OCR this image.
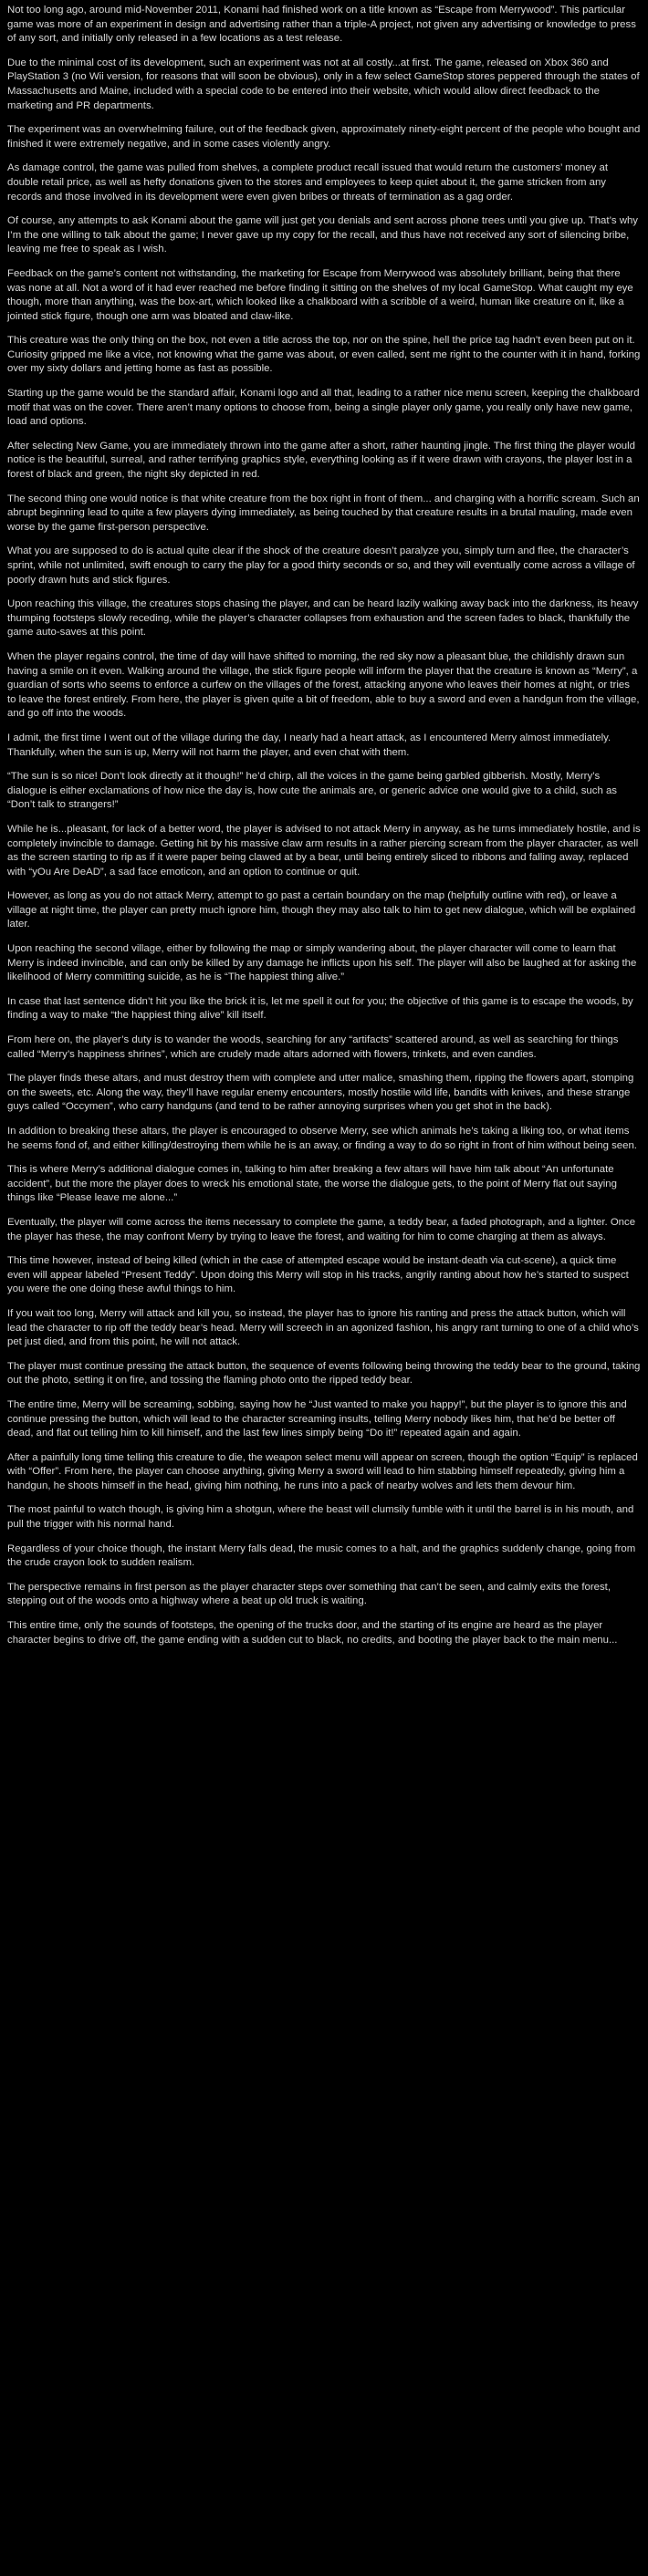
Not too long ago, around mid-November 2011, Konami had finished work on a title known as “Escape from Merrywood”. This particular game was more of an experiment in design and advertising rather than a triple-A project, not given any advertising or knowledge to press of any sort, and initially only released in a few locations as a test release.

Due to the minimal cost of its development, such an experiment was not at all costly...at first. The game, released on Xbox 360 and PlayStation 3 (no Wii version, for reasons that will soon be obvious), only in a few select GameStop stores peppered through the states of Massachusetts and Maine, included with a special code to be entered into their website, which would allow direct feedback to the marketing and PR departments.

The experiment was an overwhelming failure, out of the feedback given, approximately ninety-eight percent of the people who bought and finished it were extremely negative, and in some cases violently angry.

As damage control, the game was pulled from shelves, a complete product recall issued that would return the customers’ money at double retail price, as well as hefty donations given to the stores and employees to keep quiet about it, the game stricken from any records and those involved in its development were even given bribes or threats of termination as a gag order.

Of course, any attempts to ask Konami about the game will just get you denials and sent across phone trees until you give up. That’s why I’m the one willing to talk about the game; I never gave up my copy for the recall, and thus have not received any sort of silencing bribe, leaving me free to speak as I wish.

Feedback on the game’s content not withstanding, the marketing for Escape from Merrywood was absolutely brilliant, being that there was none at all. Not a word of it had ever reached me before finding it sitting on the shelves of my local GameStop. What caught my eye though, more than anything, was the box-art, which looked like a chalkboard with a scribble of a weird, human like creature on it, like a jointed stick figure, though one arm was bloated and claw-like.

This creature was the only thing on the box, not even a title across the top, nor on the spine, hell the price tag hadn’t even been put on it. Curiosity gripped me like a vice, not knowing what the game was about, or even called, sent me right to the counter with it in hand, forking over my sixty dollars and jetting home as fast as possible.

Starting up the game would be the standard affair, Konami logo and all that, leading to a rather nice menu screen, keeping the chalkboard motif that was on the cover. There aren’t many options to choose from, being a single player only game, you really only have new game, load and options.

After selecting New Game, you are immediately thrown into the game after a short, rather haunting jingle. The first thing the player would notice is the beautiful, surreal, and rather terrifying graphics style, everything looking as if it were drawn with crayons, the player lost in a forest of black and green, the night sky depicted in red.

The second thing one would notice is that white creature from the box right in front of them... and charging with a horrific scream. Such an abrupt beginning lead to quite a few players dying immediately, as being touched by that creature results in a brutal mauling, made even worse by the game first-person perspective.

What you are supposed to do is actual quite clear if the shock of the creature doesn’t paralyze you, simply turn and flee, the character’s sprint, while not unlimited, swift enough to carry the play for a good thirty seconds or so, and they will eventually come across a village of poorly drawn huts and stick figures.

Upon reaching this village, the creatures stops chasing the player, and can be heard lazily walking away back into the darkness, its heavy thumping footsteps slowly receding, while the player’s character collapses from exhaustion and the screen fades to black, thankfully the game auto-saves at this point.

When the player regains control, the time of day will have shifted to morning, the red sky now a pleasant blue, the childishly drawn sun having a smile on it even. Walking around the village, the stick figure people will inform the player that the creature is known as “Merry”, a guardian of sorts who seems to enforce a curfew on the villages of the forest, attacking anyone who leaves their homes at night, or tries to leave the forest entirely. From here, the player is given quite a bit of freedom, able to buy a sword and even a handgun from the village, and go off into the woods.

I admit, the first time I went out of the village during the day, I nearly had a heart attack, as I encountered Merry almost immediately. Thankfully, when the sun is up, Merry will not harm the player, and even chat with them.

“The sun is so nice! Don’t look directly at it though!” he’d chirp, all the voices in the game being garbled gibberish. Mostly, Merry’s dialogue is either exclamations of how nice the day is, how cute the animals are, or generic advice one would give to a child, such as “Don’t talk to strangers!”

While he is...pleasant, for lack of a better word, the player is advised to not attack Merry in anyway, as he turns immediately hostile, and is completely invincible to damage. Getting hit by his massive claw arm results in a rather piercing scream from the player character, as well as the screen starting to rip as if it were paper being clawed at by a bear, until being entirely sliced to ribbons and falling away, replaced with “yOu Are DeAD”, a sad face emoticon, and an option to continue or quit.

However, as long as you do not attack Merry, attempt to go past a certain boundary on the map (helpfully outline with red), or leave a village at night time, the player can pretty much ignore him, though they may also talk to him to get new dialogue, which will be explained later.

Upon reaching the second village, either by following the map or simply wandering about, the player character will come to learn that Merry is indeed invincible, and can only be killed by any damage he inflicts upon his self. The player will also be laughed at for asking the likelihood of Merry committing suicide, as he is “The happiest thing alive.”

In case that last sentence didn’t hit you like the brick it is, let me spell it out for you; the objective of this game is to escape the woods, by finding a way to make “the happiest thing alive” kill itself.

From here on, the player’s duty is to wander the woods, searching for any “artifacts” scattered around, as well as searching for things called “Merry’s happiness shrines”, which are crudely made altars adorned with flowers, trinkets, and even candies.

The player finds these altars, and must destroy them with complete and utter malice, smashing them, ripping the flowers apart, stomping on the sweets, etc. Along the way, they’ll have regular enemy encounters, mostly hostile wild life, bandits with knives, and these strange guys called “Occymen”, who carry handguns (and tend to be rather annoying surprises when you get shot in the back).

In addition to breaking these altars, the player is encouraged to observe Merry, see which animals he’s taking a liking too, or what items he seems fond of, and either killing/destroying them while he is an away, or finding a way to do so right in front of him without being seen.

This is where Merry’s additional dialogue comes in, talking to him after breaking a few altars will have him talk about “An unfortunate accident”, but the more the player does to wreck his emotional state, the worse the dialogue gets, to the point of Merry flat out saying things like “Please leave me alone...”

Eventually, the player will come across the items necessary to complete the game, a teddy bear, a faded photograph, and a lighter. Once the player has these, the may confront Merry by trying to leave the forest, and waiting for him to come charging at them as always.

This time however, instead of being killed (which in the case of attempted escape would be instant-death via cut-scene), a quick time even will appear labeled “Present Teddy”. Upon doing this Merry will stop in his tracks, angrily ranting about how he’s started to suspect you were the one doing these awful things to him.

If you wait too long, Merry will attack and kill you, so instead, the player has to ignore his ranting and press the attack button, which will lead the character to rip off the teddy bear’s head. Merry will screech in an agonized fashion, his angry rant turning to one of a child who’s pet just died, and from this point, he will not attack.

The player must continue pressing the attack button, the sequence of events following being throwing the teddy bear to the ground, taking out the photo, setting it on fire, and tossing the flaming photo onto the ripped teddy bear.

The entire time, Merry will be screaming, sobbing, saying how he “Just wanted to make you happy!”, but the player is to ignore this and continue pressing the button, which will lead to the character screaming insults, telling Merry nobody likes him, that he’d be better off dead, and flat out telling him to kill himself, and the last few lines simply being “Do it!” repeated again and again.

After a painfully long time telling this creature to die, the weapon select menu will appear on screen, though the option “Equip” is replaced with “Offer”. From here, the player can choose anything, giving Merry a sword will lead to him stabbing himself repeatedly, giving him a handgun, he shoots himself in the head, giving him nothing, he runs into a pack of nearby wolves and lets them devour him.

The most painful to watch though, is giving him a shotgun, where the beast will clumsily fumble with it until the barrel is in his mouth, and pull the trigger with his normal hand.

Regardless of your choice though, the instant Merry falls dead, the music comes to a halt, and the graphics suddenly change, going from the crude crayon look to sudden realism.

The perspective remains in first person as the player character steps over something that can’t be seen, and calmly exits the forest, stepping out of the woods onto a highway where a beat up old truck is waiting.

This entire time, only the sounds of footsteps, the opening of the trucks door, and the starting of its engine are heard as the player character begins to drive off, the game ending with a sudden cut to black, no credits, and booting the player back to the main menu...
